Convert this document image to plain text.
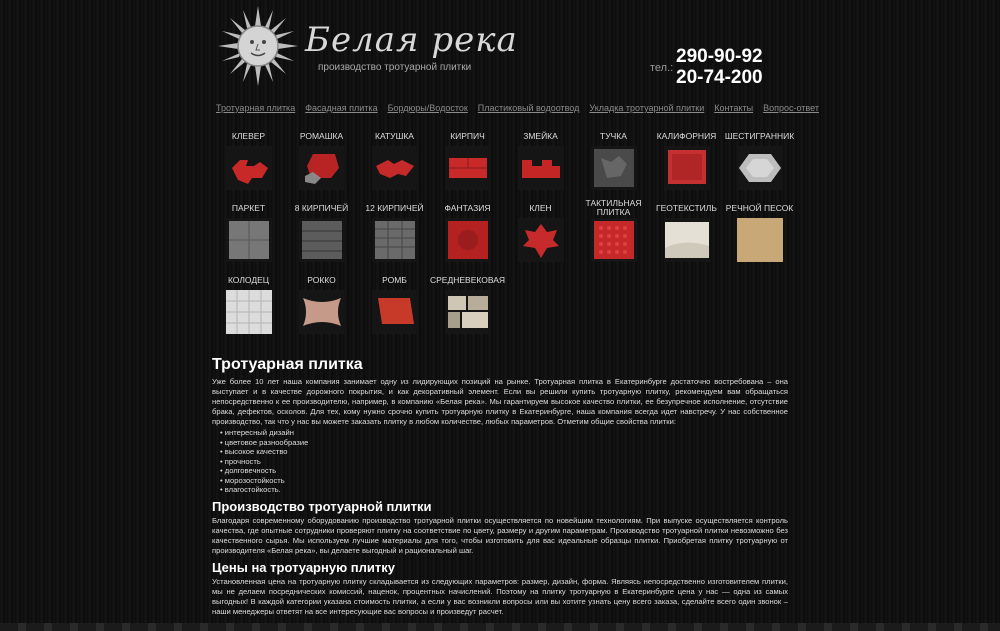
Белая река
производство тротуарной плитки	тел.:
290-90-92
20-74-200
Тротуарная плитка Фасадная плитка Бордюры/Водосток Пластиковый водоотвод Укладка тротуарной плитки Контакты Вопрос-ответ
КЛЕВЕР	РОМАШКА	КАТУШКА	КИРПИЧ	ЗМЕЙКА	ТУЧКА	КАЛИФОРНИЯ ШЕСТИГРАННИК
ПАРКЕТ	8 КИРПИЧЕЙ 12 КИРПИЧЕЙ ФАНТАЗИЯ	КЛЕН	ТАКТИЛЬНАЯ ПЛИТКА	ГЕОТЕКСТИЛЬ РЕЧНОЙ ПЕСОК
КОЛОДЕЦ	РОККО	РОМБ	СРЕДНЕВЕКОВАЯ
Тротуарная плитка

Уже более 10 лет наша компания занимает одну из лидирующих позиций на рынке. Тротуарная плитка в Екатеринбурге достаточно востребована – она выступает и в качестве дорожного покрытия, и как декоративный элемент. Если вы решили купить тротуарную плитку, рекомендуем вам обращаться непосредственно к ее производителю, например, в компанию «Белая река». Мы гарантируем высокое качество плитки, ее безупречное исполнение, отсутствие брака, дефектов, осколов. Для тех, кому нужно срочно купить тротуарную плитку в Екатеринбурге, наша компания всегда идет навстречу. У нас собственное производство, так что у нас вы можете заказать плитку в любом количестве, любых параметров. Отметим общие свойства плитки:

• интересный дизайн
• цветовое разнообразие
• высокое качество
• прочность
• долговечность
• морозостойкость
• влагостойкость.
Производство тротуарной плитки

Благодаря современному оборудованию производство тротуарной плитки осуществляется по новейшим технологиям. При выпуске осуществляется контроль качества, где опытные сотрудники проверяют плитку на соответствие по цвету, размеру и другим параметрам. Производство тротуарной плитки невозможно без качественного сырья. Мы используем лучшие материалы для того, чтобы изготовить для вас идеальные образцы плитки. Приобретая плитку тротуарную от производителя «Белая река», вы делаете выгодный и рациональный шаг.

Цены на тротуарную плитку

Установленная цена на тротуарную плитку складывается из следующих параметров: размер, дизайн, форма. Являясь непосредственно изготовителем плитки, мы не делаем посреднических комиссий, наценок, процентных начислений. Поэтому на плитку тротуарную в Екатеринбурге цена у нас — одна из самых выгодных! В каждой категории указана стоимость плитки, а если у вас возникли вопросы или вы хотите узнать цену всего заказа, сделайте всего один звонок – наши менеджеры ответят на все интересующие вас вопросы и произведут расчет.
